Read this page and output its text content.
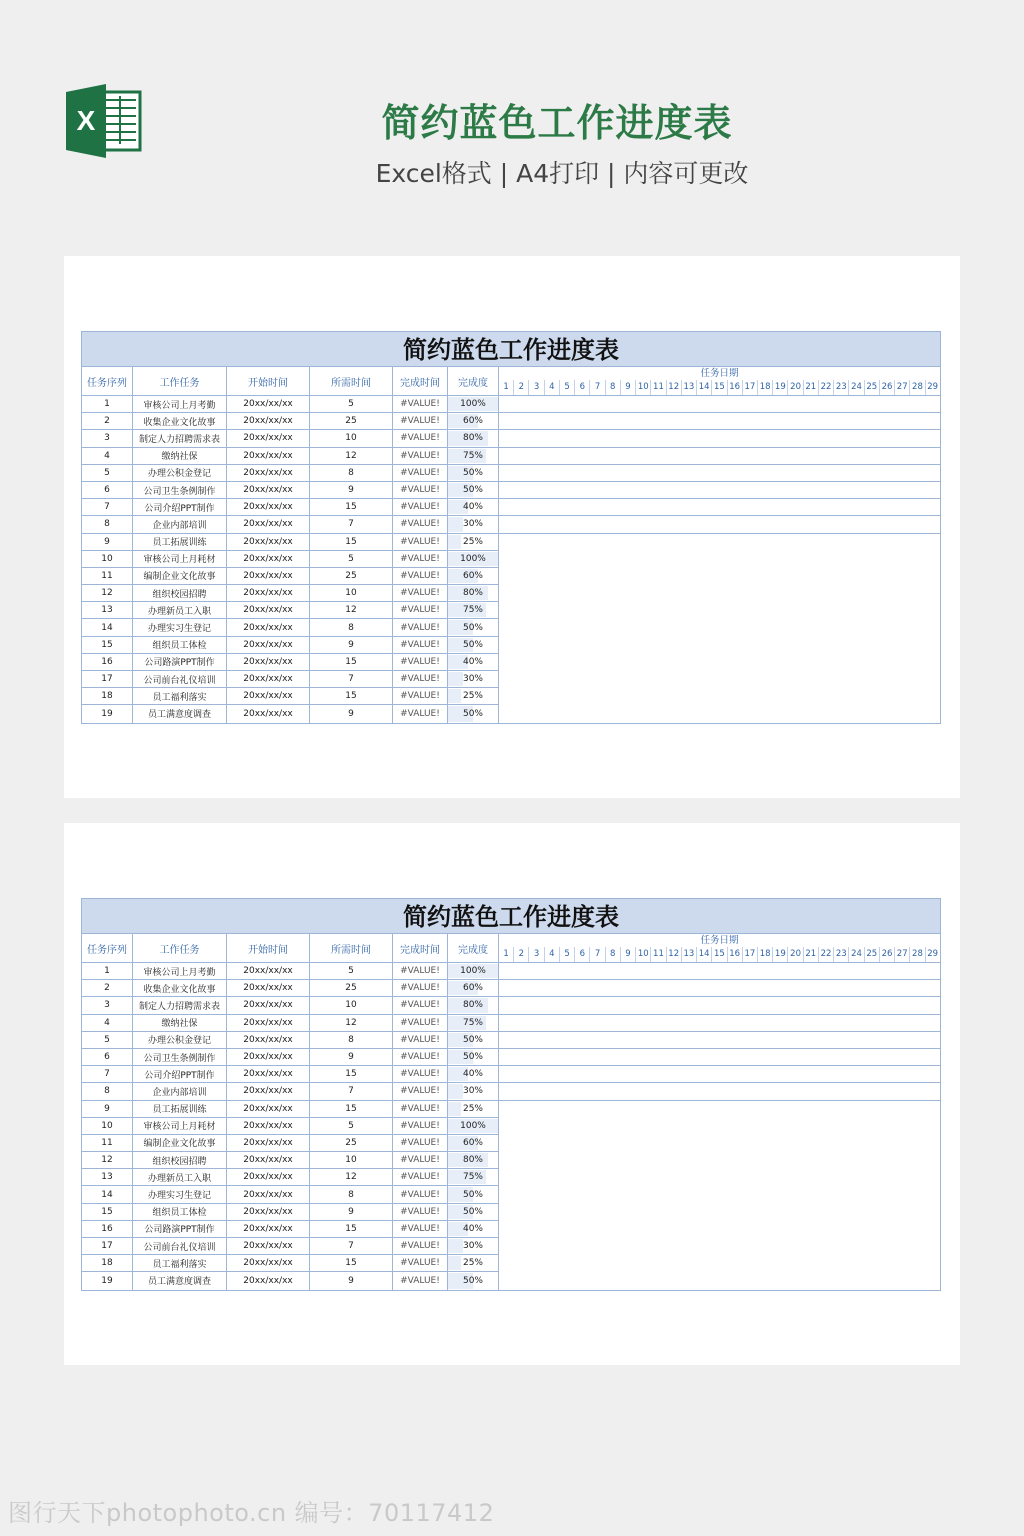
X	简约蓝色工作进度表
Excel格式 | A4打印 | 内容可更改
简约蓝色工作进度表
任务序列	工作任务	开始时间	所需时间	完成时间	完成度
任务日期
1	2	3	4	5	6	7	8	9 10 11 12 13 14 15 16 17 18 19 20 21 22 23 24 25 26 27 28 29
1	审核公司上月考勤	20xx/xx/xx	5	#VALUE!	100%
2	收集企业文化故事	20xx/xx/xx	25	#VALUE!	60%
3	制定人力招聘需求表	20xx/xx/xx	10	#VALUE!	80%
4	缴纳社保	20xx/xx/xx	12	#VALUE!	75%
5	办理公积金登记	20xx/xx/xx	8	#VALUE!	50%
6	公司卫生条例制作	20xx/xx/xx	9	#VALUE!	50%
7	公司介绍PPT制作	20xx/xx/xx	15	#VALUE!	40%
8	企业内部培训	20xx/xx/xx	7	#VALUE!	30%
9	员工拓展训练	20xx/xx/xx	15	#VALUE!	25%
10	审核公司上月耗材	20xx/xx/xx	5	#VALUE!	100%
11	编制企业文化故事	20xx/xx/xx	25	#VALUE!	60%
12	组织校园招聘	20xx/xx/xx	10	#VALUE!	80%
13	办理新员工入职	20xx/xx/xx	12	#VALUE!	75%
14	办理实习生登记	20xx/xx/xx	8	#VALUE!	50%
15	组织员工体检	20xx/xx/xx	9	#VALUE!	50%
16	公司路演PPT制作	20xx/xx/xx	15	#VALUE!	40%
17	公司前台礼仪培训	20xx/xx/xx	7	#VALUE!	30%
18	员工福利落实	20xx/xx/xx	15	#VALUE!	25%
19	员工满意度调查	20xx/xx/xx	9	#VALUE!	50%
简约蓝色工作进度表
任务序列	工作任务	开始时间	所需时间	完成时间	完成度
任务日期
1	2	3	4	5	6	7	8	9 10 11 12 13 14 15 16 17 18 19 20 21 22 23 24 25 26 27 28 29
1	审核公司上月考勤	20xx/xx/xx	5	#VALUE!	100%
2	收集企业文化故事	20xx/xx/xx	25	#VALUE!	60%
3	制定人力招聘需求表	20xx/xx/xx	10	#VALUE!	80%
4	缴纳社保	20xx/xx/xx	12	#VALUE!	75%
5	办理公积金登记	20xx/xx/xx	8	#VALUE!	50%
6	公司卫生条例制作	20xx/xx/xx	9	#VALUE!	50%
7	公司介绍PPT制作	20xx/xx/xx	15	#VALUE!	40%
8	企业内部培训	20xx/xx/xx	7	#VALUE!	30%
9	员工拓展训练	20xx/xx/xx	15	#VALUE!	25%
10	审核公司上月耗材	20xx/xx/xx	5	#VALUE!	100%
11	编制企业文化故事	20xx/xx/xx	25	#VALUE!	60%
12	组织校园招聘	20xx/xx/xx	10	#VALUE!	80%
13	办理新员工入职	20xx/xx/xx	12	#VALUE!	75%
14	办理实习生登记	20xx/xx/xx	8	#VALUE!	50%
15	组织员工体检	20xx/xx/xx	9	#VALUE!	50%
16	公司路演PPT制作	20xx/xx/xx	15	#VALUE!	40%
17	公司前台礼仪培训	20xx/xx/xx	7	#VALUE!	30%
18	员工福利落实	20xx/xx/xx	15	#VALUE!	25%
19	员工满意度调查	20xx/xx/xx	9	#VALUE!	50%
图行天下photophoto.cn 编号：70117412
